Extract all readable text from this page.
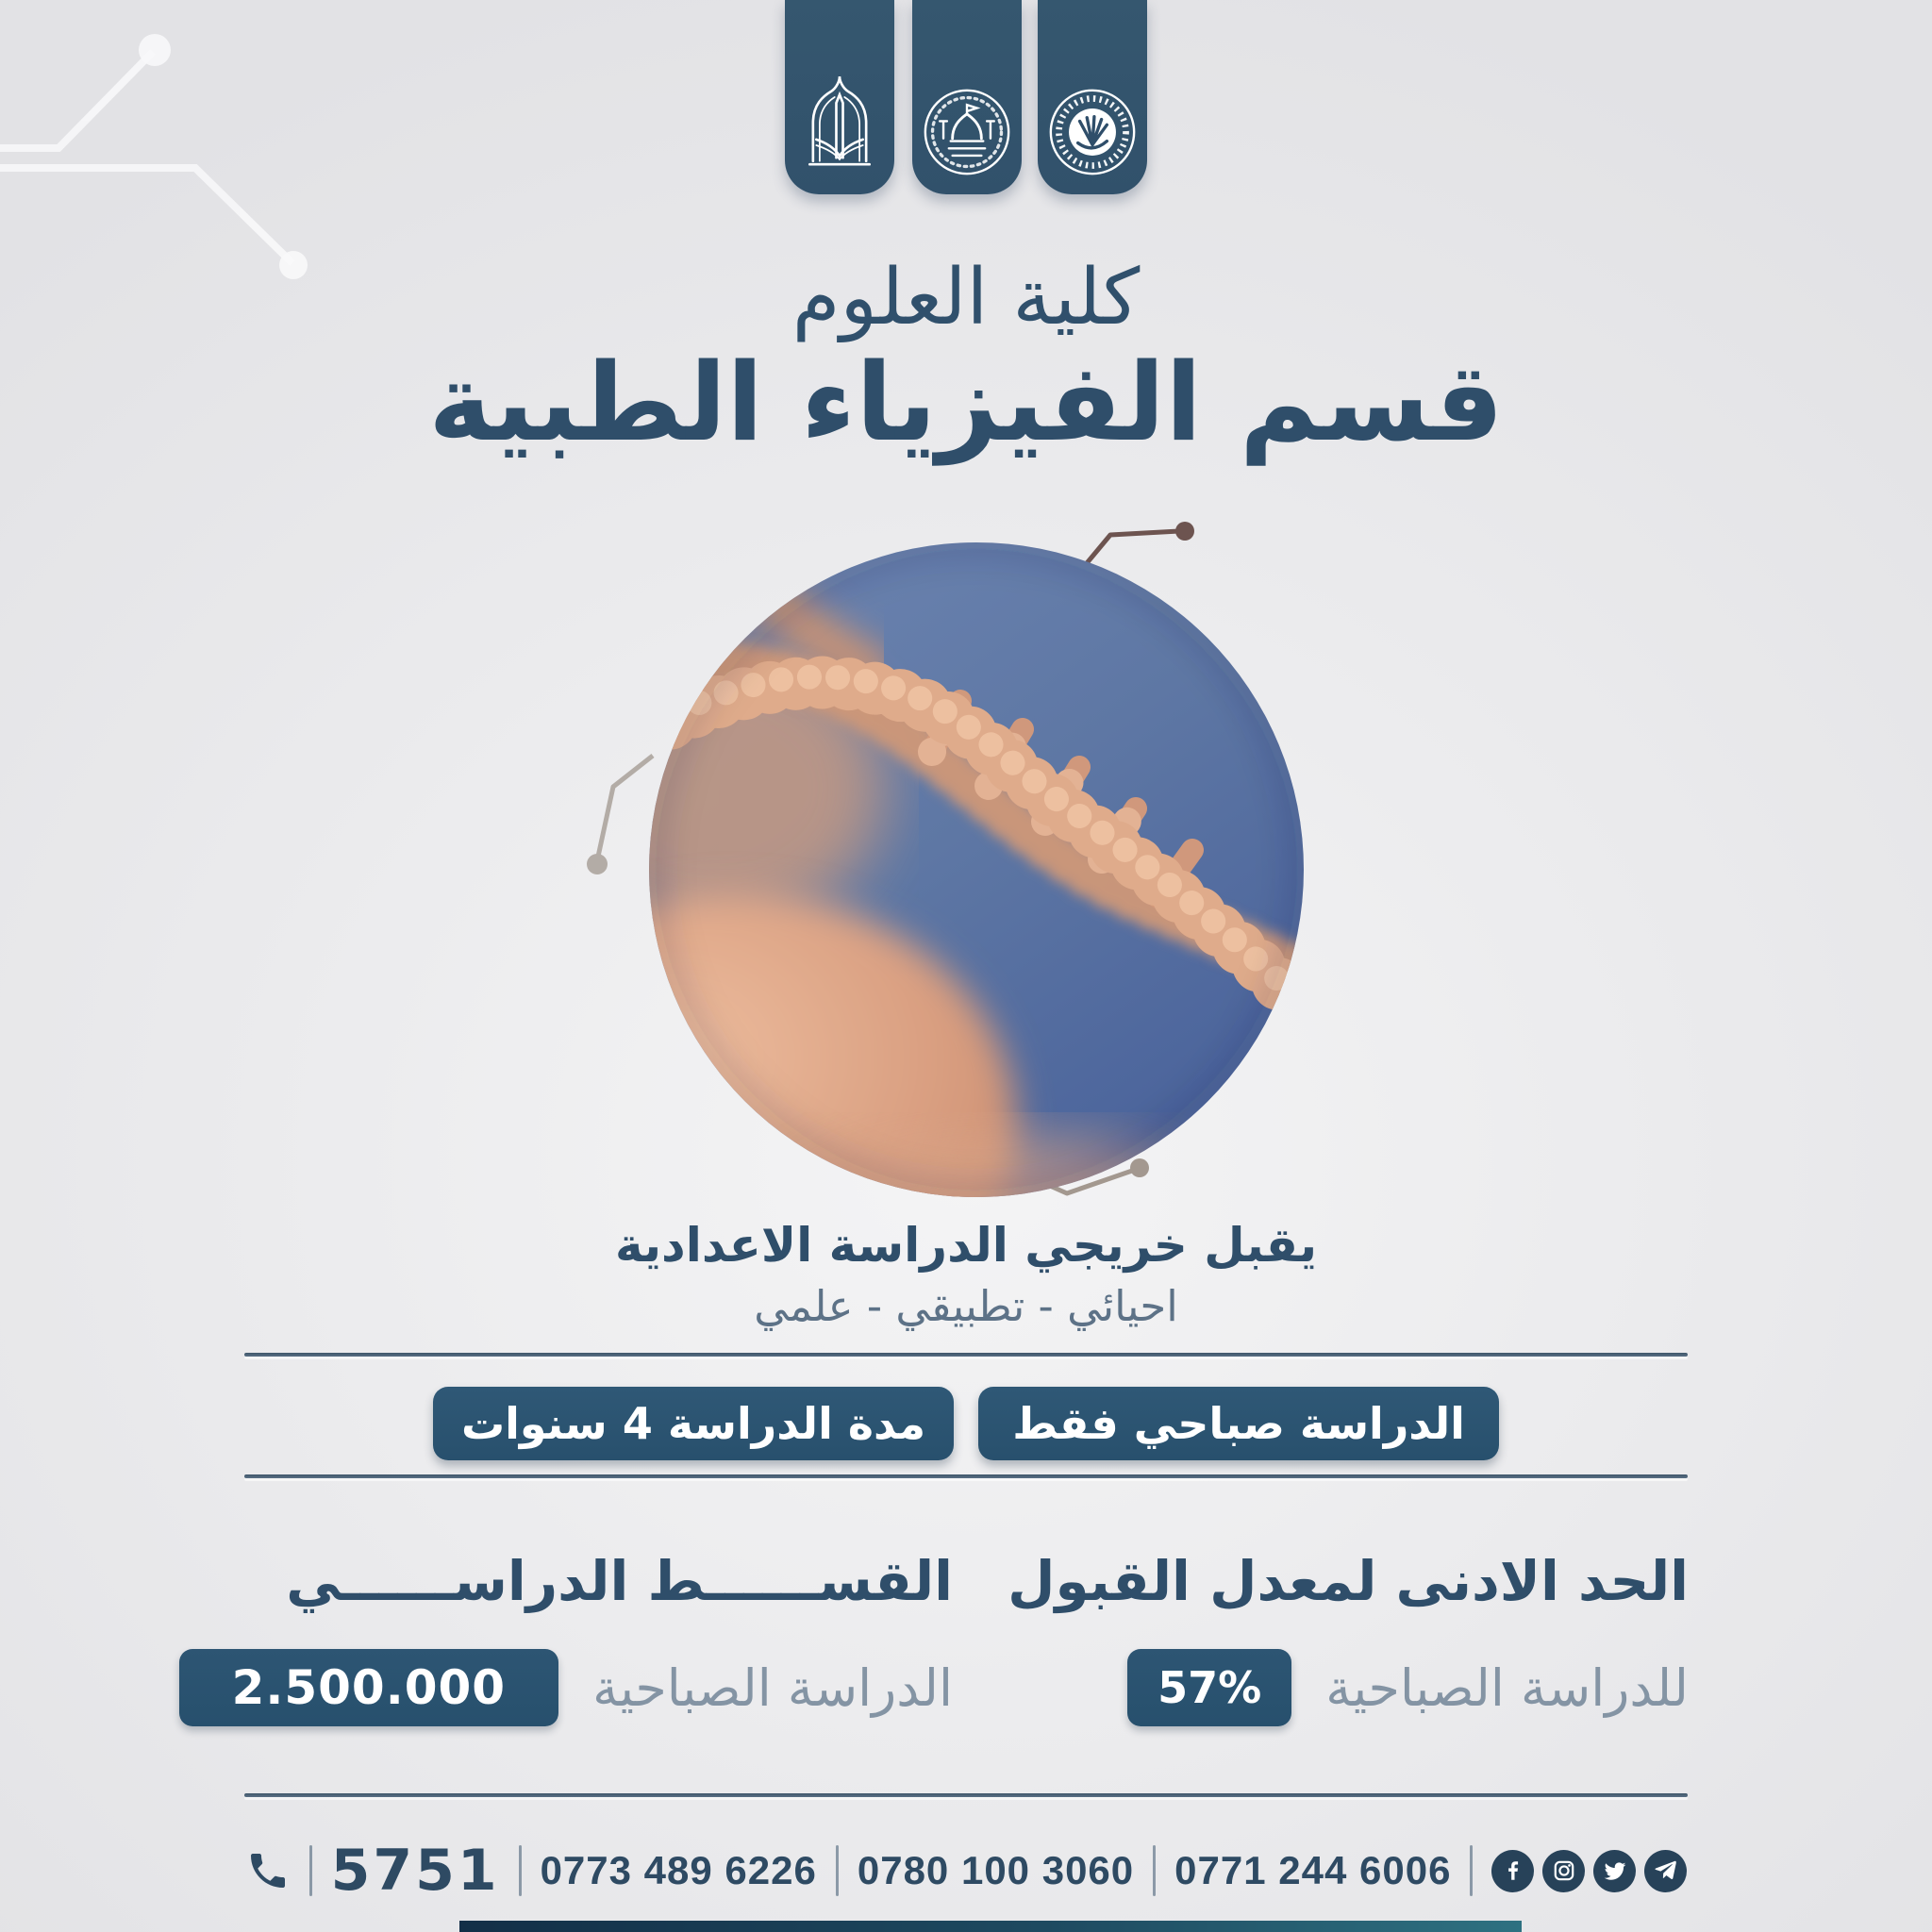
كلية العلوم
قسم الفيزياء الطبية
يقبل خريجي الدراسة الاعدادية
احيائي - تطبيقي - علمي
الدراسة صباحي فقط
مدة الدراسة 4 سنوات
الحد الادنى لمعدل القبول
للدراسة الصباحية
57%
القســــــط الدراســــــي
الدراسة الصباحية
2.500.000
5751 0773 489 6226 0780 100 3060 0771 244 6006
